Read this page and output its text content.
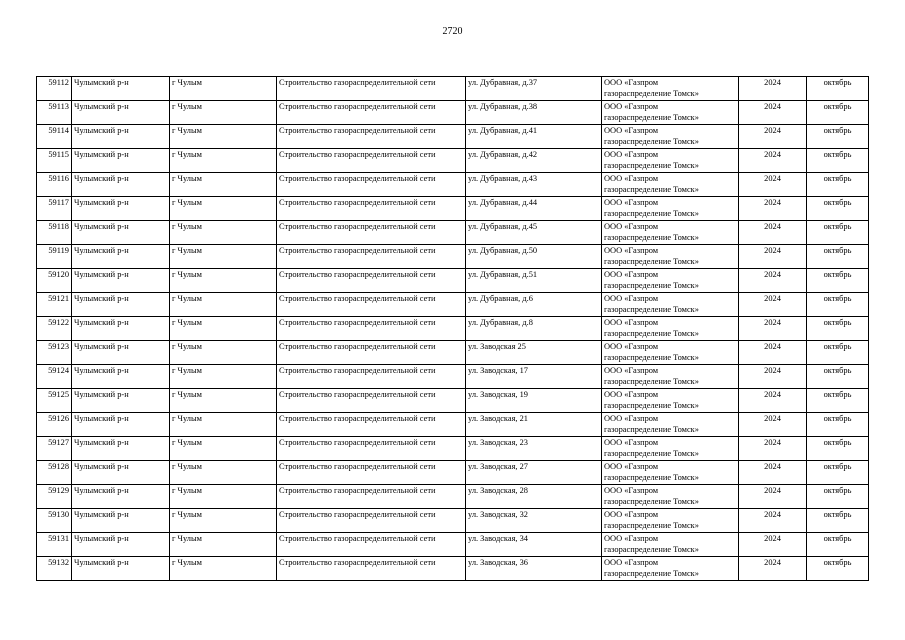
2720
59112	Чулымский р-н	г Чулым	Строительство газораспределительной сети	ул. Дубравная, д.37	ООО «Газпром
газораспределение Томск»	2024	октябрь
59113	Чулымский р-н	г Чулым	Строительство газораспределительной сети	ул. Дубравная, д.38	ООО «Газпром
газораспределение Томск»	2024	октябрь
59114	Чулымский р-н	г Чулым	Строительство газораспределительной сети	ул. Дубравная, д.41	ООО «Газпром
газораспределение Томск»	2024	октябрь
59115	Чулымский р-н	г Чулым	Строительство газораспределительной сети	ул. Дубравная, д.42	ООО «Газпром
газораспределение Томск»	2024	октябрь
59116	Чулымский р-н	г Чулым	Строительство газораспределительной сети	ул. Дубравная, д.43	ООО «Газпром
газораспределение Томск»	2024	октябрь
59117	Чулымский р-н	г Чулым	Строительство газораспределительной сети	ул. Дубравная, д.44	ООО «Газпром
газораспределение Томск»	2024	октябрь
59118	Чулымский р-н	г Чулым	Строительство газораспределительной сети	ул. Дубравная, д.45	ООО «Газпром
газораспределение Томск»	2024	октябрь
59119	Чулымский р-н	г Чулым	Строительство газораспределительной сети	ул. Дубравная, д.50	ООО «Газпром
газораспределение Томск»	2024	октябрь
59120	Чулымский р-н	г Чулым	Строительство газораспределительной сети	ул. Дубравная, д.51	ООО «Газпром
газораспределение Томск»	2024	октябрь
59121	Чулымский р-н	г Чулым	Строительство газораспределительной сети	ул. Дубравная, д.6	ООО «Газпром
газораспределение Томск»	2024	октябрь
59122	Чулымский р-н	г Чулым	Строительство газораспределительной сети	ул. Дубравная, д.8	ООО «Газпром
газораспределение Томск»	2024	октябрь
59123	Чулымский р-н	г Чулым	Строительство газораспределительной сети	ул. Заводская 25	ООО «Газпром
газораспределение Томск»	2024	октябрь
59124	Чулымский р-н	г Чулым	Строительство газораспределительной сети	ул. Заводская, 17	ООО «Газпром
газораспределение Томск»	2024	октябрь
59125	Чулымский р-н	г Чулым	Строительство газораспределительной сети	ул. Заводская, 19	ООО «Газпром
газораспределение Томск»	2024	октябрь
59126	Чулымский р-н	г Чулым	Строительство газораспределительной сети	ул. Заводская, 21	ООО «Газпром
газораспределение Томск»	2024	октябрь
59127	Чулымский р-н	г Чулым	Строительство газораспределительной сети	ул. Заводская, 23	ООО «Газпром
газораспределение Томск»	2024	октябрь
59128	Чулымский р-н	г Чулым	Строительство газораспределительной сети	ул. Заводская, 27	ООО «Газпром
газораспределение Томск»	2024	октябрь
59129	Чулымский р-н	г Чулым	Строительство газораспределительной сети	ул. Заводская, 28	ООО «Газпром
газораспределение Томск»	2024	октябрь
59130	Чулымский р-н	г Чулым	Строительство газораспределительной сети	ул. Заводская, 32	ООО «Газпром
газораспределение Томск»	2024	октябрь
59131	Чулымский р-н	г Чулым	Строительство газораспределительной сети	ул. Заводская, 34	ООО «Газпром
газораспределение Томск»	2024	октябрь
59132	Чулымский р-н	г Чулым	Строительство газораспределительной сети	ул. Заводская, 36	ООО «Газпром
газораспределение Томск»	2024	октябрь
